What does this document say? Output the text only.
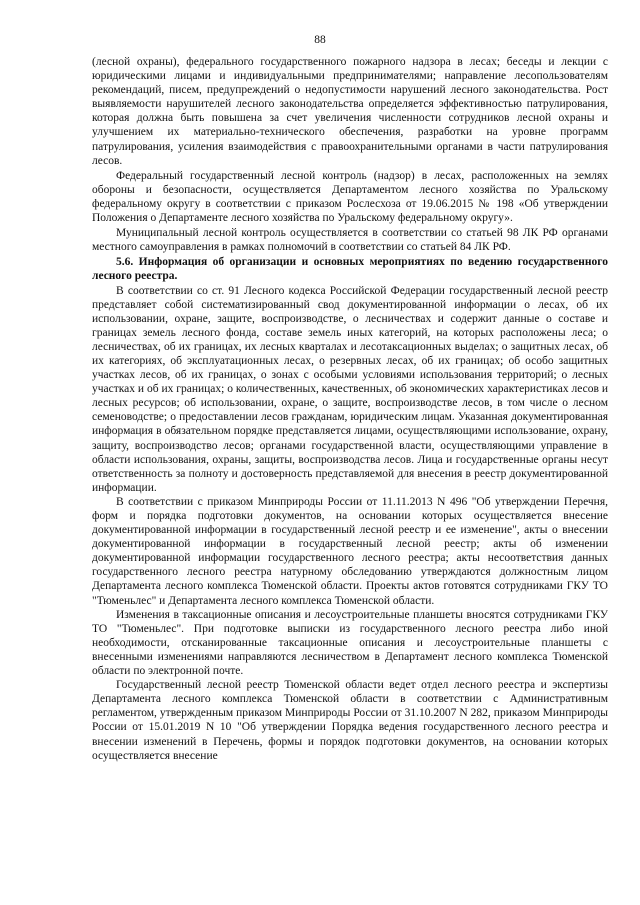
88

(лесной охраны), федерального государственного пожарного надзора в лесах; беседы и лекции с юридическими лицами и индивидуальными предпринимателями; направление лесопользователям рекомендаций, писем, предупреждений о недопустимости нарушений лесного законодательства. Рост выявляемости нарушителей лесного законодательства определяется эффективностью патрулирования, которая должна быть повышена за счет увеличения численности сотрудников лесной охраны и улучшением их материально-технического обеспечения, разработки на уровне программ патрулирования, усиления взаимодействия с правоохранительными органами в части патрулирования лесов.

Федеральный государственный лесной контроль (надзор) в лесах, расположенных на землях обороны и безопасности, осуществляется Департаментом лесного хозяйства по Уральскому федеральному округу в соответствии с приказом Рослесхоза от 19.06.2015 № 198 «Об утверждении Положения о Департаменте лесного хозяйства по Уральскому федеральному округу».

Муниципальный лесной контроль осуществляется в соответствии со статьей 98 ЛК РФ органами местного самоуправления в рамках полномочий в соответствии со статьей 84 ЛК РФ.

5.6. Информация об организации и основных мероприятиях по ведению государственного лесного реестра.

В соответствии со ст. 91 Лесного кодекса Российской Федерации государственный лесной реестр представляет собой систематизированный свод документированной информации о лесах, об их использовании, охране, защите, воспроизводстве, о лесничествах и содержит данные о составе и границах земель лесного фонда, составе земель иных категорий, на которых расположены леса; о лесничествах, об их границах, их лесных кварталах и лесотаксационных выделах; о защитных лесах, об их категориях, об эксплуатационных лесах, о резервных лесах, об их границах; об особо защитных участках лесов, об их границах, о зонах с особыми условиями использования территорий; о лесных участках и об их границах; о количественных, качественных, об экономических характеристиках лесов и лесных ресурсов; об использовании, охране, о защите, воспроизводстве лесов, в том числе о лесном семеноводстве; о предоставлении лесов гражданам, юридическим лицам. Указанная документированная информация в обязательном порядке представляется лицами, осуществляющими использование, охрану, защиту, воспроизводство лесов; органами государственной власти, осуществляющими управление в области использования, охраны, защиты, воспроизводства лесов. Лица и государственные органы несут ответственность за полноту и достоверность представляемой для внесения в реестр документированной информации.

В соответствии с приказом Минприроды России от 11.11.2013 N 496 "Об утверждении Перечня, форм и порядка подготовки документов, на основании которых осуществляется внесение документированной информации в государственный лесной реестр и ее изменение", акты о внесении документированной информации в государственный лесной реестр; акты об изменении документированной информации государственного лесного реестра; акты несоответствия данных государственного лесного реестра натурному обследованию утверждаются должностным лицом Департамента лесного комплекса Тюменской области. Проекты актов готовятся сотрудниками ГКУ ТО "Тюменьлес" и Департамента лесного комплекса Тюменской области.

Изменения в таксационные описания и лесоустроительные планшеты вносятся сотрудниками ГКУ ТО "Тюменьлес". При подготовке выписки из государственного лесного реестра либо иной необходимости, отсканированные таксационные описания и лесоустроительные планшеты с внесенными изменениями направляются лесничеством в Департамент лесного комплекса Тюменской области по электронной почте.

Государственный лесной реестр Тюменской области ведет отдел лесного реестра и экспертизы Департамента лесного комплекса Тюменской области в соответствии с Административным регламентом, утвержденным приказом Минприроды России от 31.10.2007 N 282, приказом Минприроды России от 15.01.2019 N 10 "Об утверждении Порядка ведения государственного лесного реестра и внесении изменений в Перечень, формы и порядок подготовки документов, на основании которых осуществляется внесение
